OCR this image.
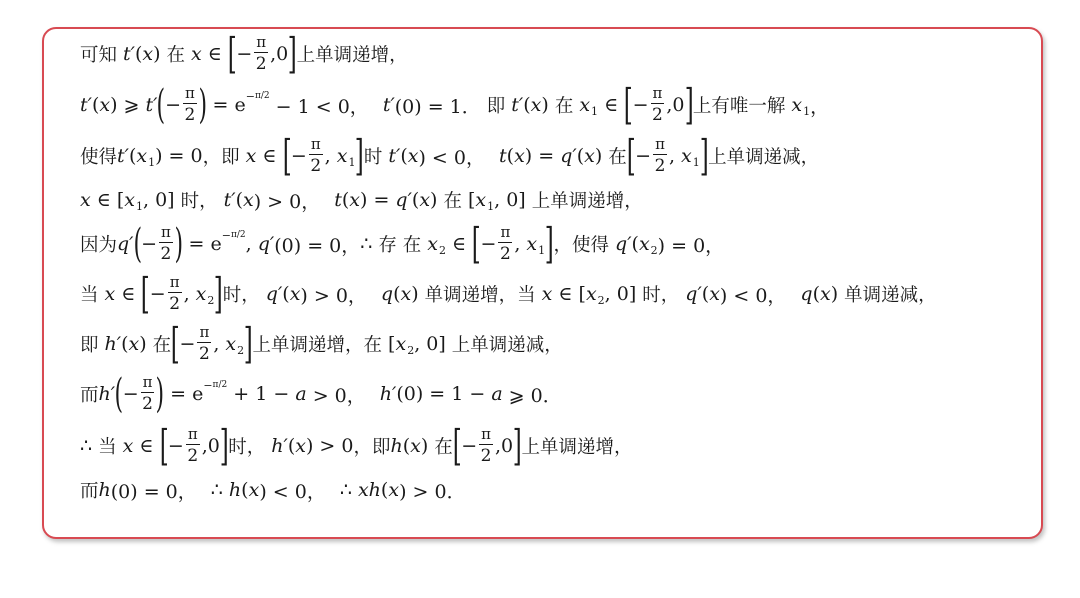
可知 t′ ( x ) 在 x ∈ [ − $\frac{\pi}{2}$ , 0 ] 上单调递增，
t′ ( x ) ⩾ t′ ( − $\frac{\pi}{2}$ ) = e − π/2 − 1 < 0， t′ (0) = 1． 即 t′ ( x ) 在 x 1 ∈ [ − $\frac{\pi}{2}$ , 0 ] 上有唯一解 x 1 ，
使得 t′ ( x 1 ) = 0 ，即 x ∈ [ − $\frac{\pi}{2}$ , x 1 ] 时 t′ ( x ) < 0， t ( x ) = q′ ( x ) 在 [ − $\frac{\pi}{2}$ , x 1 ] 上单调递减，
x ∈ [ x 1 , 0] 时， t′ ( x ) > 0， t ( x ) = q′ ( x ) 在 [ x 1 , 0] 上单调递增，
因为 q′ ( − $\frac{\pi}{2}$ ) = e − π/2 , q′ (0) = 0， ∴ 存 在 x 2 ∈ [ − $\frac{\pi}{2}$ , x 1 ] ，使得 q′ ( x 2 ) = 0，
当 x ∈ [ − $\frac{\pi}{2}$ , x 2 ] 时， q′ ( x ) > 0， q ( x ) 单调递增，当 x ∈ [ x 2 , 0] 时， q′ ( x ) < 0， q ( x ) 单调递减，
即 h′ ( x ) 在 [ − $\frac{\pi}{2}$ , x 2 ] 上单调递增，在 [ x 2 , 0] 上单调递减，
而 h′ ( − $\frac{\pi}{2}$ ) = e − π/2 + 1 − a > 0， h′ (0) = 1 − a ⩾ 0．
∴ 当 x ∈ [ − $\frac{\pi}{2}$ , 0 ] 时， h′ ( x ) > 0 ，即 h ( x ) 在 [ − $\frac{\pi}{2}$ , 0 ] 上单调递增，
而 h (0) = 0， ∴ h ( x ) < 0， ∴ xh ( x ) > 0．
